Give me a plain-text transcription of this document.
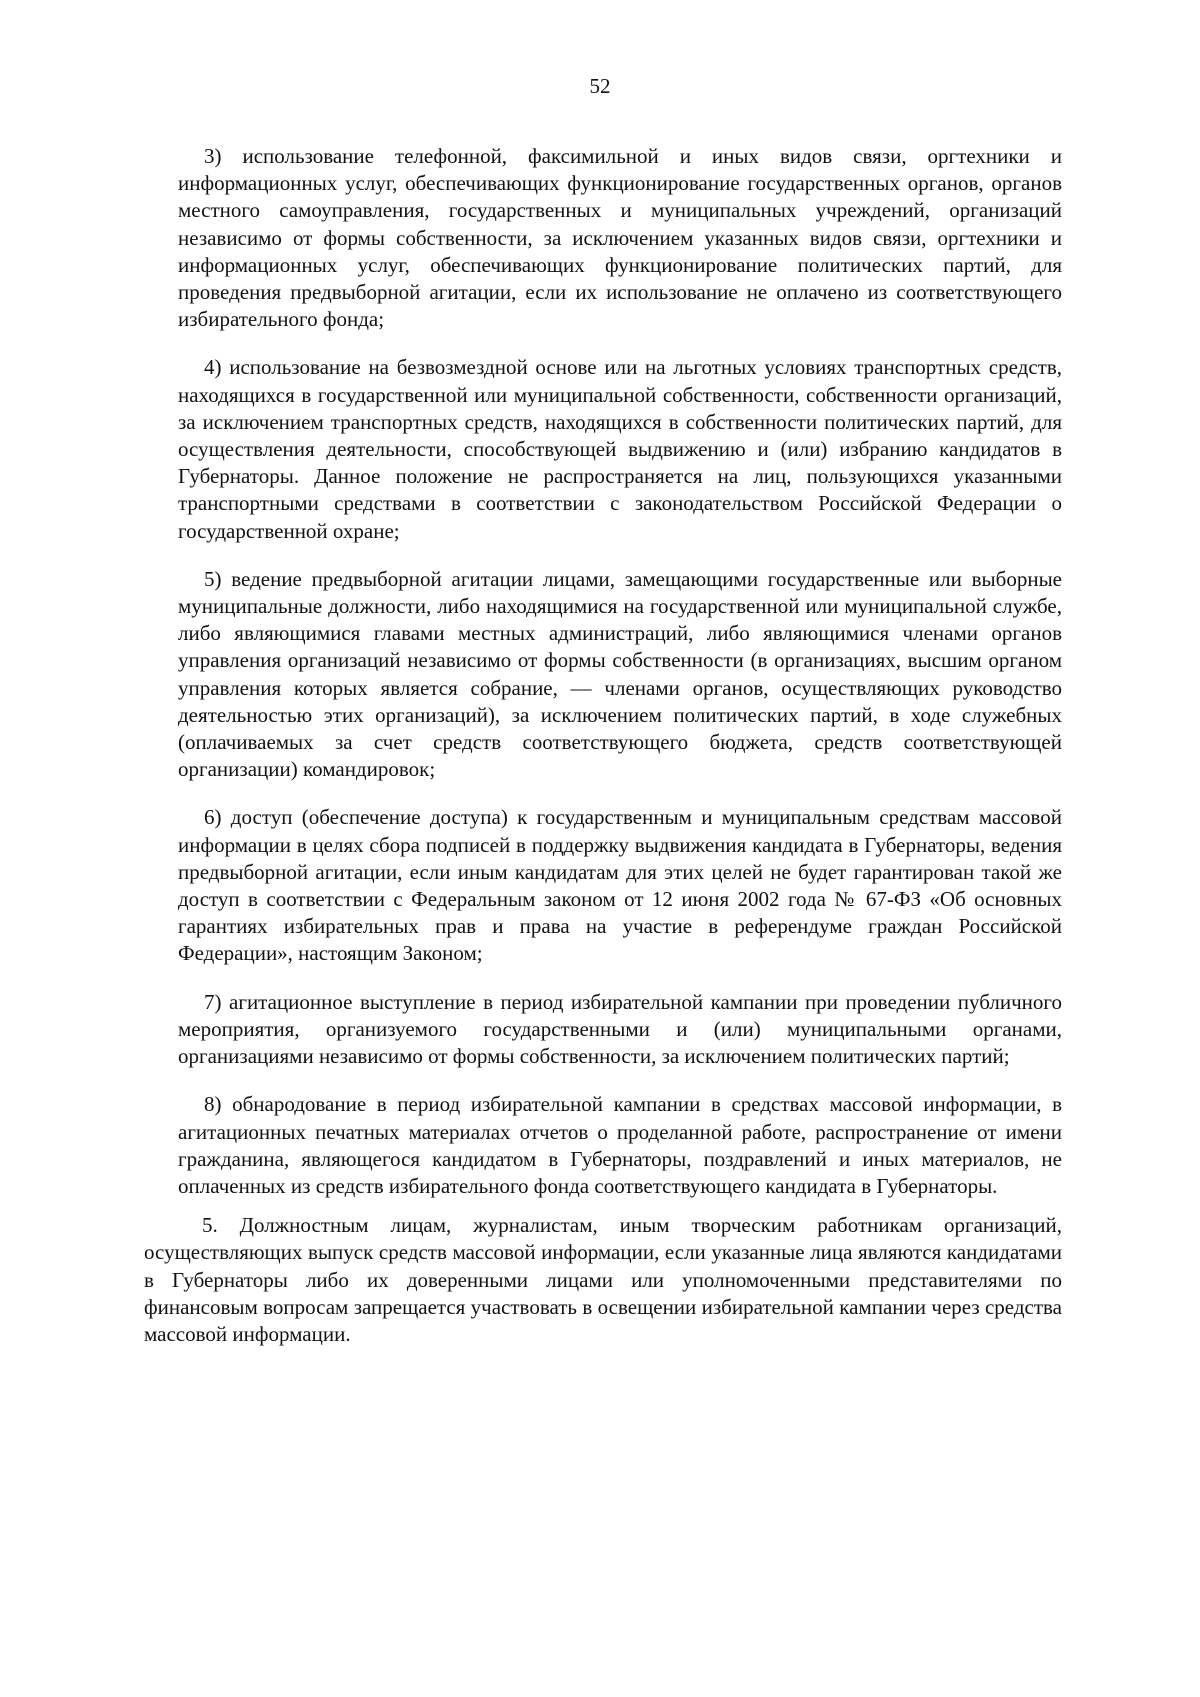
52

3) использование телефонной, факсимильной и иных видов связи, оргтехники и информационных услуг, обеспечивающих функционирование государственных органов, органов местного самоуправления, государственных и муниципальных учреждений, организаций независимо от формы собственности, за исключением указанных видов связи, оргтехники и информационных услуг, обеспечивающих функционирование политических партий, для проведения предвыборной агитации, если их использование не оплачено из соответствующего избирательного фонда;

4) использование на безвозмездной основе или на льготных условиях транспортных средств, находящихся в государственной или муниципальной собственности, собственности организаций, за исключением транспортных средств, находящихся в собственности политических партий, для осуществления деятельности, способствующей выдвижению и (или) избранию кандидатов в Губернаторы. Данное положение не распространяется на лиц, пользующихся указанными транспортными средствами в соответствии с законодательством Российской Федерации о государственной охране;

5) ведение предвыборной агитации лицами, замещающими государственные или выборные муниципальные должности, либо находящимися на государственной или муниципальной службе, либо являющимися главами местных администраций, либо являющимися членами органов управления организаций независимо от формы собственности (в организациях, высшим органом управления которых является собрание, — членами органов, осуществляющих руководство деятельностью этих организаций), за исключением политических партий, в ходе служебных (оплачиваемых за счет средств соответствующего бюджета, средств соответствующей организации) командировок;

6) доступ (обеспечение доступа) к государственным и муниципальным средствам массовой информации в целях сбора подписей в поддержку выдвижения кандидата в Губернаторы, ведения предвыборной агитации, если иным кандидатам для этих целей не будет гарантирован такой же доступ в соответствии с Федеральным законом от 12 июня 2002 года № 67-ФЗ «Об основных гарантиях избирательных прав и права на участие в референдуме граждан Российской Федерации», настоящим Законом;

7) агитационное выступление в период избирательной кампании при проведении публичного мероприятия, организуемого государственными и (или) муниципальными органами, организациями независимо от формы собственности, за исключением политических партий;

8) обнародование в период избирательной кампании в средствах массовой информации, в агитационных печатных материалах отчетов о проделанной работе, распространение от имени гражданина, являющегося кандидатом в Губернаторы, поздравлений и иных материалов, не оплаченных из средств избирательного фонда соответствующего кандидата в Губернаторы.

5. Должностным лицам, журналистам, иным творческим работникам организаций, осуществляющих выпуск средств массовой информации, если указанные лица являются кандидатами в Губернаторы либо их доверенными лицами или уполномоченными представителями по финансовым вопросам запрещается участвовать в освещении избирательной кампании через средства массовой информации.
